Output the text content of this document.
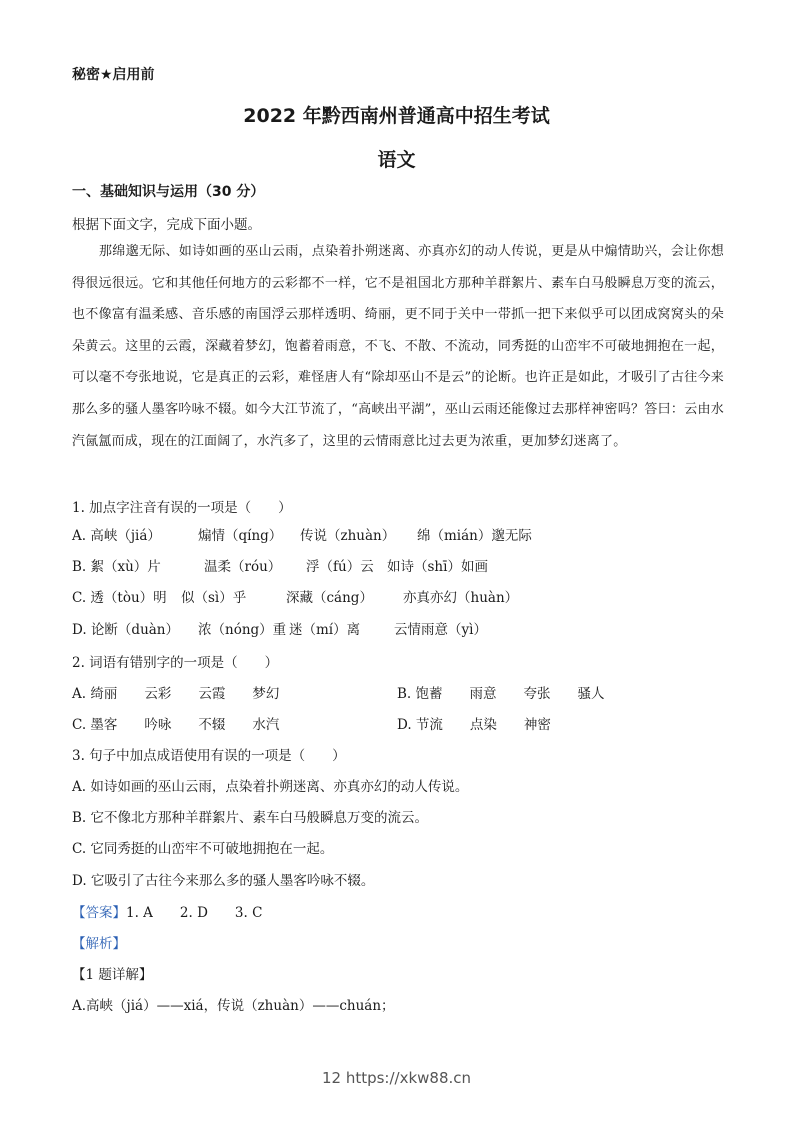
秘密★启用前
2022 年黔西南州普通高中招生考试
语文
一、基础知识与运用（30 分）
根据下面文字，完成下面小题。
那绵邈无际、如诗如画的巫山云雨，点染着扑朔迷离、亦真亦幻的动人传说，更是从中煽情助兴，会让你想得很远很远。它和其他任何地方的云彩都不一样，它不是祖国北方那种羊群絮片、素车白马般瞬息万变的流云，也不像富有温柔感、音乐感的南国浮云那样透明、绮丽，更不同于关中一带抓一把下来似乎可以团成窝窝头的朵朵黄云。这里的云霞，深藏着梦幻，饱蓄着雨意，不飞、不散、不流动，同秀挺的山峦牢不可破地拥抱在一起，可以毫不夸张地说，它是真正的云彩，难怪唐人有“除却巫山不是云”的论断。也许正是如此，才吸引了古往今来那么多的骚人墨客吟咏不辍。如今大江节流了，“高峡出平湖”，巫山云雨还能像过去那样神密吗？答曰：云由水汽氤氲而成，现在的江面阔了，水汽多了，这里的云情雨意比过去更为浓重，更加梦幻迷离了。
1. 加点字注音有误的一项是（　　）
A. 高峡（jiá）	煽情（qíng） 传说（zhuàn） 绵（mián）邈无际
B. 絮（xù）片	温柔（róu） 浮（fú）云 如诗（shī）如画
C. 透（tòu）明 似（sì）乎	深藏（cáng） 亦真亦幻（huàn）
D. 论断（duàn） 浓（nóng）重 迷（mí）离	云情雨意（yì）
2. 词语有错别字的一项是（　　）
A. 绮丽　　云彩　　云霞　　梦幻	B. 饱蓄　　雨意　　夸张　　骚人
C. 墨客　　吟咏　　不辍　　水汽	D. 节流　　点染　　神密
3. 句子中加点成语使用有误的一项是（　　）
A. 如诗如画的巫山云雨，点染着扑朔迷离、亦真亦幻的动人传说。
B. 它不像北方那种羊群絮片、素车白马般瞬息万变的流云。
C. 它同秀挺的山峦牢不可破地拥抱在一起。
D. 它吸引了古往今来那么多的骚人墨客吟咏不辍。
【答案】1. A　　2. D　　3. C
【解析】
【1 题详解】
A.高峡（jiá）——xiá，传说（zhuàn）——chuán；
12 https://xkw88.cn
